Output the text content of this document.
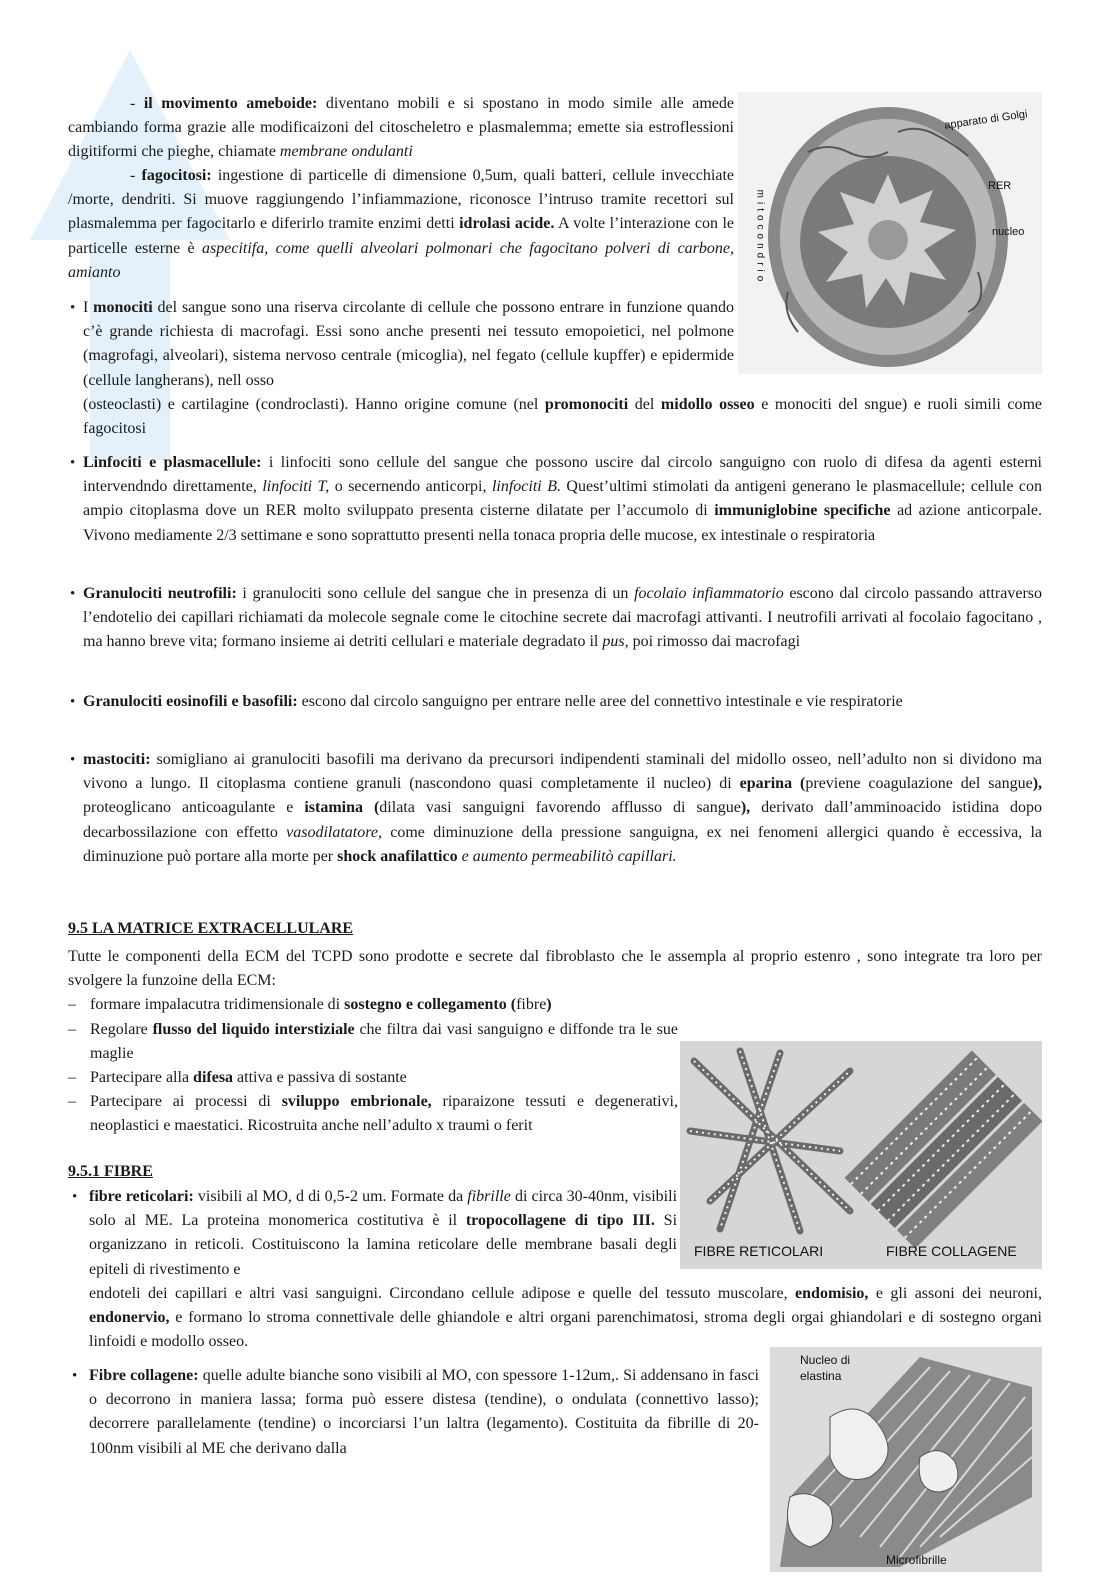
- il movimento ameboide: diventano mobili e si spostano in modo simile alle amede cambiando forma grazie alle modificaizoni del citoscheletro e plasmalemma; emette sia estroflessioni digitiformi che pieghe, chiamate membrane ondulanti
- fagocitosi: ingestione di particelle di dimensione 0,5um, quali batteri, cellule invecchiate /morte, dendriti. Si muove raggiungendo l’infiammazione, riconosce l’intruso tramite recettori sul plasmalemma per fagocitarlo e diferirlo tramite enzimi detti idrolasi acide. A volte l’interazione con le particelle esterne è aspecitifa, come quelli alveolari polmonari che fagocitano polveri di carbone, amianto
apparato di Golgi
RER
nucleo
mitocondrio
• I monociti del sangue sono una riserva circolante di cellule che possono entrare in funzione quando c’è grande richiesta di macrofagi. Essi sono anche presenti nei tessuto emopoietici, nel polmone (magrofagi, alveolari), sistema nervoso centrale (micoglia), nel fegato (cellule kupffer) e epidermide (cellule langherans), nell osso
(osteoclasti) e cartilagine (condroclasti). Hanno origine comune (nel promonociti del midollo osseo e monociti del sngue) e ruoli simili come fagocitosi
• Linfociti e plasmacellule: i linfociti sono cellule del sangue che possono uscire dal circolo sanguigno con ruolo di difesa da agenti esterni intervendndo direttamente, linfociti T, o secernendo anticorpi, linfociti B. Quest’ultimi stimolati da antigeni generano le plasmacellule; cellule con ampio citoplasma dove un RER molto sviluppato presenta cisterne dilatate per l’accumolo di immuniglobine specifiche ad azione anticorpale. Vivono mediamente 2/3 settimane e sono soprattutto presenti nella tonaca propria delle mucose, ex intestinale o respiratoria
• Granulociti neutrofili: i granulociti sono cellule del sangue che in presenza di un focolaio infiammatorio escono dal circolo passando attraverso l’endotelio dei capillari richiamati da molecole segnale come le citochine secrete dai macrofagi attivanti. I neutrofili arrivati al focolaio fagocitano , ma hanno breve vita; formano insieme ai detriti cellulari e materiale degradato il pus, poi rimosso dai macrofagi
• Granulociti eosinofili e basofili: escono dal circolo sanguigno per entrare nelle aree del connettivo intestinale e vie respiratorie
• mastociti: somigliano ai granulociti basofili ma derivano da precursori indipendenti staminali del midollo osseo, nell’adulto non si dividono ma vivono a lungo. Il citoplasma contiene granuli (nascondono quasi completamente il nucleo) di eparina (previene coagulazione del sangue), proteoglicano anticoagulante e istamina (dilata vasi sanguigni favorendo afflusso di sangue), derivato dall’amminoacido istidina dopo decarbossilazione con effetto vasodilatatore, come diminuzione della pressione sanguigna, ex nei fenomeni allergici quando è eccessiva, la diminuzione può portare alla morte per shock anafilattico e aumento permeabilitò capillari.
9.5 LA MATRICE EXTRACELLULARE
Tutte le componenti della ECM del TCPD sono prodotte e secrete dal fibroblasto che le assempla al proprio estenro , sono integrate tra loro per svolgere la funzoine della ECM:
– formare impalacutra tridimensionale di sostegno e collegamento (fibre)
– Regolare flusso del liquido interstiziale che filtra dai vasi sanguigno e diffonde tra le sue maglie
– Partecipare alla difesa attiva e passiva di sostante
– Partecipare ai processi di sviluppo embrionale, riparaizone tessuti e degenerativi, neoplastici e maestatici. Ricostruita anche nell’adulto x traumi o ferit
FIBRE RETICOLARI	FIBRE COLLAGENE
9.5.1 FIBRE
• fibre reticolari: visibili al MO, d di 0,5-2 um. Formate da fibrille di circa 30-40nm, visibili solo al ME. La proteina monomerica costitutiva è il tropocollagene di tipo III. Si organizzano in reticoli. Costituiscono la lamina reticolare delle membrane basali degli epiteli di rivestimento e
endoteli dei capillari e altri vasi sanguigni. Circondano cellule adipose e quelle del tessuto muscolare, endomisio, e gli assoni dei neuroni, endonervio, e formano lo stroma connettivale delle ghiandole e altri organi parenchimatosi, stroma degli orgai ghiandolari e di sostegno organi linfoidi e modollo osseo.
• Fibre collagene: quelle adulte bianche sono visibili al MO, con spessore 1-12um,. Si addensano in fasci o decorrono in maniera lassa; forma può essere distesa (tendine), o ondulata (connettivo lasso); decorrere parallelamente (tendine) o incorciarsi l’un laltra (legamento). Costituita da fibrille di 20-100nm visibili al ME che derivano dalla
Nucleo di
elastina
Microfibrille
